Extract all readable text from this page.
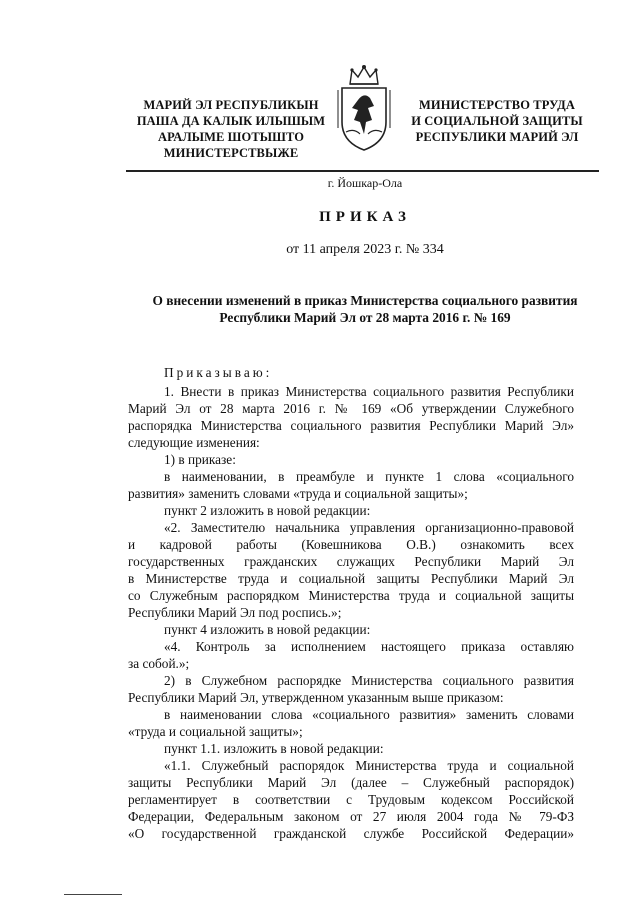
МАРИЙ ЭЛ РЕСПУБЛИКЫН
ПАША ДА КАЛЫК ИЛЫШЫМ
АРАЛЫМЕ ШОТЫШТО
МИНИСТЕРСТВЫЖЕ
МИНИСТЕРСТВО ТРУДА
И СОЦИАЛЬНОЙ ЗАЩИТЫ
РЕСПУБЛИКИ МАРИЙ ЭЛ
г. Йошкар-Ола
ПРИКАЗ
от 11 апреля 2023 г. № 334
О внесении изменений в приказ Министерства социального развития
Республики Марий Эл от 28 марта 2016 г. № 169
Приказываю:
1. Внести в приказ Министерства социального развития Республики
Марий Эл от 28 марта 2016 г. № 169 «Об утверждении Служебного
распорядка Министерства социального развития Республики Марий Эл»
следующие изменения:
1) в приказе:
в наименовании, в преамбуле и пункте 1 слова «социального
развития» заменить словами «труда и социальной защиты»;
пункт 2 изложить в новой редакции:
«2. Заместителю начальника управления организационно-правовой
и кадровой работы (Ковешникова О.В.) ознакомить всех
государственных гражданских служащих Республики Марий Эл
в Министерстве труда и социальной защиты Республики Марий Эл
со Служебным распорядком Министерства труда и социальной защиты
Республики Марий Эл под роспись.»;
пункт 4 изложить в новой редакции:
«4. Контроль за исполнением настоящего приказа оставляю
за собой.»;
2) в Служебном распорядке Министерства социального развития
Республики Марий Эл, утвержденном указанным выше приказом:
в наименовании слова «социального развития» заменить словами
«труда и социальной защиты»;
пункт 1.1. изложить в новой редакции:
«1.1. Служебный распорядок Министерства труда и социальной
защиты Республики Марий Эл (далее – Служебный распорядок)
регламентирует в соответствии с Трудовым кодексом Российской
Федерации, Федеральным законом от 27 июля 2004 года № 79-ФЗ
«О государственной гражданской службе Российской Федерации»
